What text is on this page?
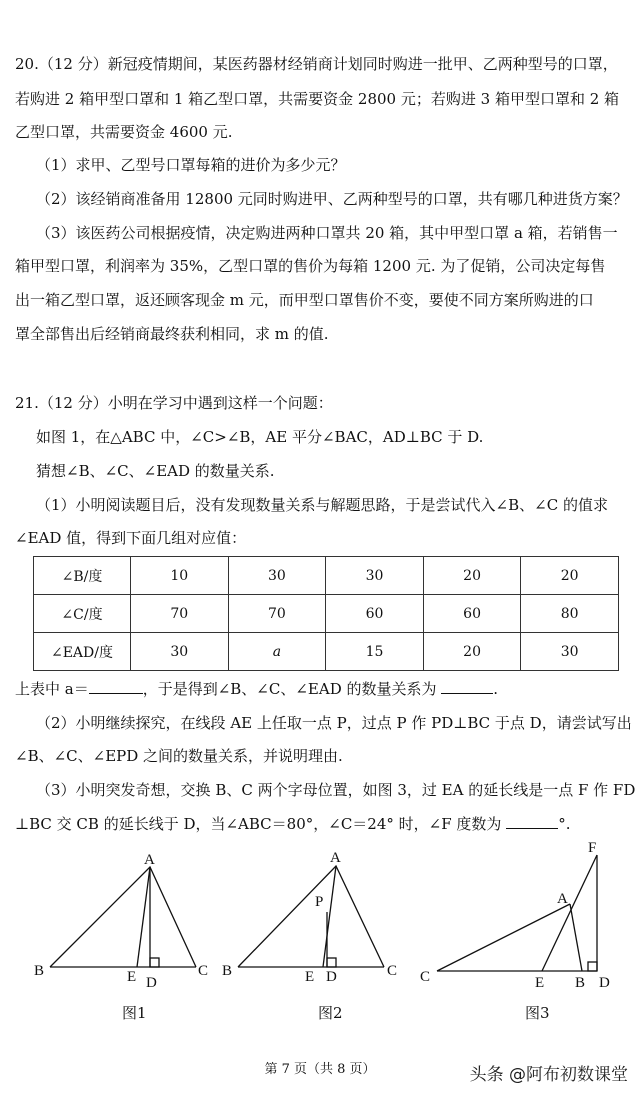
20.（12 分）新冠疫情期间，某医药器材经销商计划同时购进一批甲、乙两种型号的口罩，
若购进 2 箱甲型口罩和 1 箱乙型口罩，共需要资金 2800 元；若购进 3 箱甲型口罩和 2 箱
乙型口罩，共需要资金 4600 元.
（1）求甲、乙型号口罩每箱的进价为多少元？
（2）该经销商准备用 12800 元同时购进甲、乙两种型号的口罩，共有哪几种进货方案？
（3）该医药公司根据疫情，决定购进两种口罩共 20 箱，其中甲型口罩 a 箱，若销售一
箱甲型口罩，利润率为 35%，乙型口罩的售价为每箱 1200 元. 为了促销，公司决定每售
出一箱乙型口罩，返还顾客现金 m 元，而甲型口罩售价不变，要使不同方案所购进的口
罩全部售出后经销商最终获利相同，求 m 的值.
21.（12 分）小明在学习中遇到这样一个问题：
如图 1，在△ABC 中，∠C>∠B，AE 平分∠BAC，AD⊥BC 于 D.
猜想∠B、∠C、∠EAD 的数量关系.
（1）小明阅读题目后，没有发现数量关系与解题思路，于是尝试代入∠B、∠C 的值求
∠EAD 值，得到下面几组对应值：
∠B/度	10	30	30	20	20
∠C/度	70	70	60	60	80
∠EAD/度	30	a	15	20	30
上表中 a＝	，于是得到∠B、∠C、∠EAD 的数量关系为	.
（2）小明继续探究，在线段 AE 上任取一点 P，过点 P 作 PD⊥BC 于点 D，请尝试写出
∠B、∠C、∠EPD 之间的数量关系，并说明理由.
（3）小明突发奇想，交换 B、C 两个字母位置，如图 3，过 EA 的延长线是一点 F 作 FD
⊥BC 交 CB 的延长线于 D，当∠ABC＝80°，∠C＝24° 时，∠F 度数为	°.
A
B	C
E D
A
P
B	C
E D
F
A
C	E B D
图1	图2	图3
第 7 页（共 8 页）	头条 @阿布初数课堂
